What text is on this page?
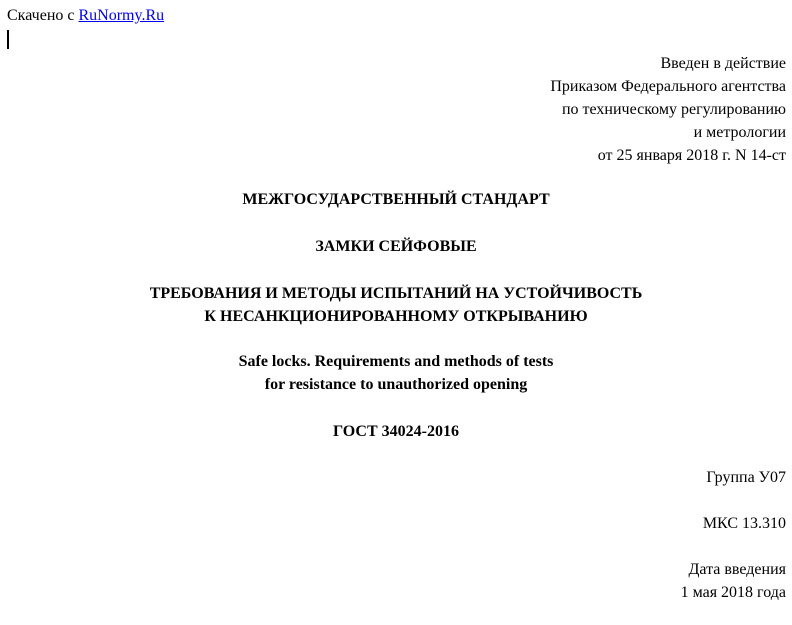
Скачено с RuNormy.Ru
Введен в действие
Приказом Федерального агентства
по техническому регулированию
и метрологии
от 25 января 2018 г. N 14-ст
МЕЖГОСУДАРСТВЕННЫЙ СТАНДАРТ
ЗАМКИ СЕЙФОВЫЕ
ТРЕБОВАНИЯ И МЕТОДЫ ИСПЫТАНИЙ НА УСТОЙЧИВОСТЬ
К НЕСАНКЦИОНИРОВАННОМУ ОТКРЫВАНИЮ
Safe locks. Requirements and methods of tests
for resistance to unauthorized opening
ГОСТ 34024-2016
Группа У07
МКС 13.310
Дата введения
1 мая 2018 года
